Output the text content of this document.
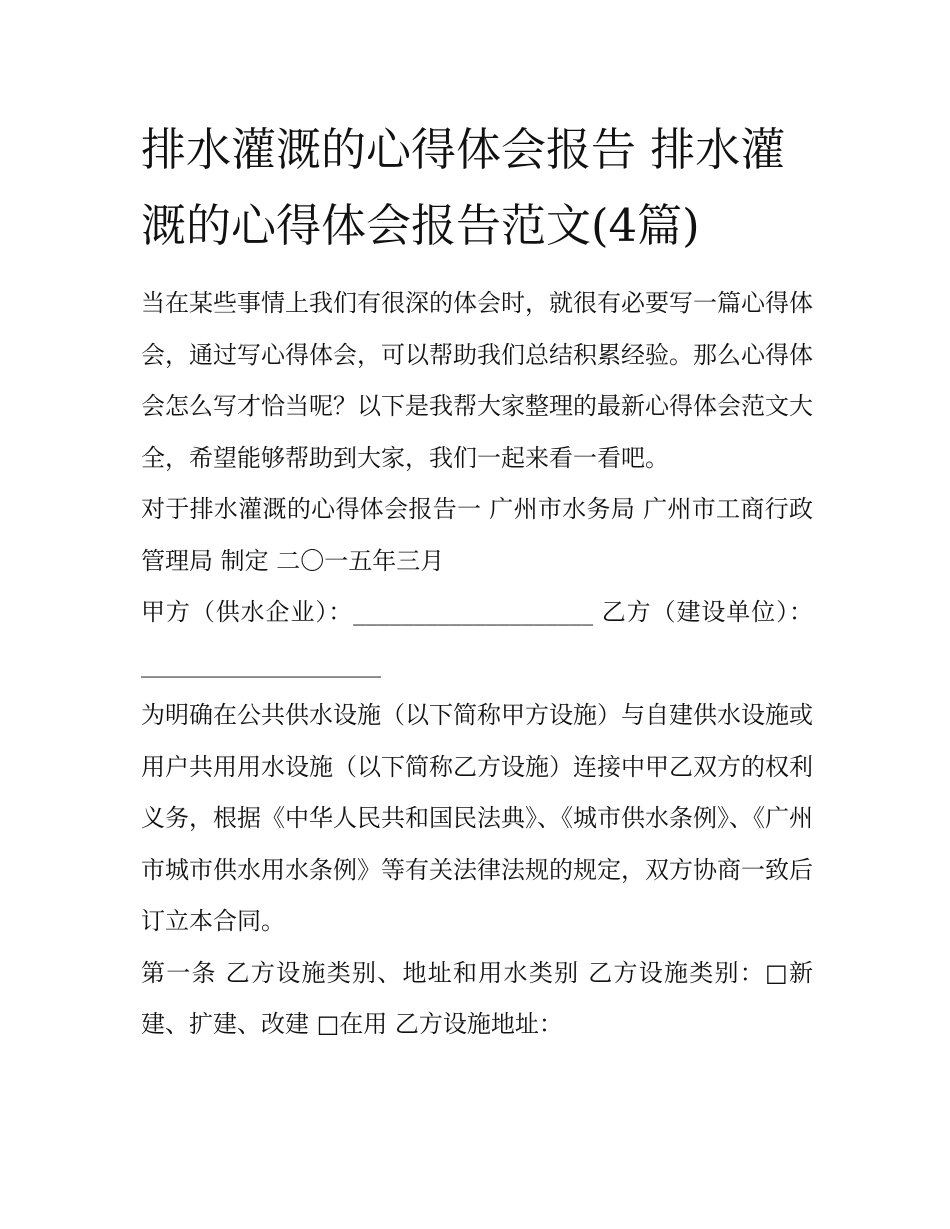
排水灌溉的心得体会报告 排水灌溉的心得体会报告范文(4篇)

当在某些事情上我们有很深的体会时，就很有必要写一篇心得体会，通过写心得体会，可以帮助我们总结积累经验。那么心得体会怎么写才恰当呢？以下是我帮大家整理的最新心得体会范文大全，希望能够帮助到大家，我们一起来看一看吧。

对于排水灌溉的心得体会报告一 广州市水务局 广州市工商行政管理局 制定 二〇一五年三月

甲方（供水企业）：____________________ 乙方（建设单位）：____________________

为明确在公共供水设施（以下简称甲方设施）与自建供水设施或用户共用用水设施（以下简称乙方设施）连接中甲乙双方的权利义务，根据《中华人民共和国民法典》、《城市供水条例》、《广州市城市供水用水条例》等有关法律法规的规定，双方协商一致后订立本合同。

第一条 乙方设施类别、地址和用水类别 乙方设施类别：□新建、扩建、改建 □在用 乙方设施地址：
